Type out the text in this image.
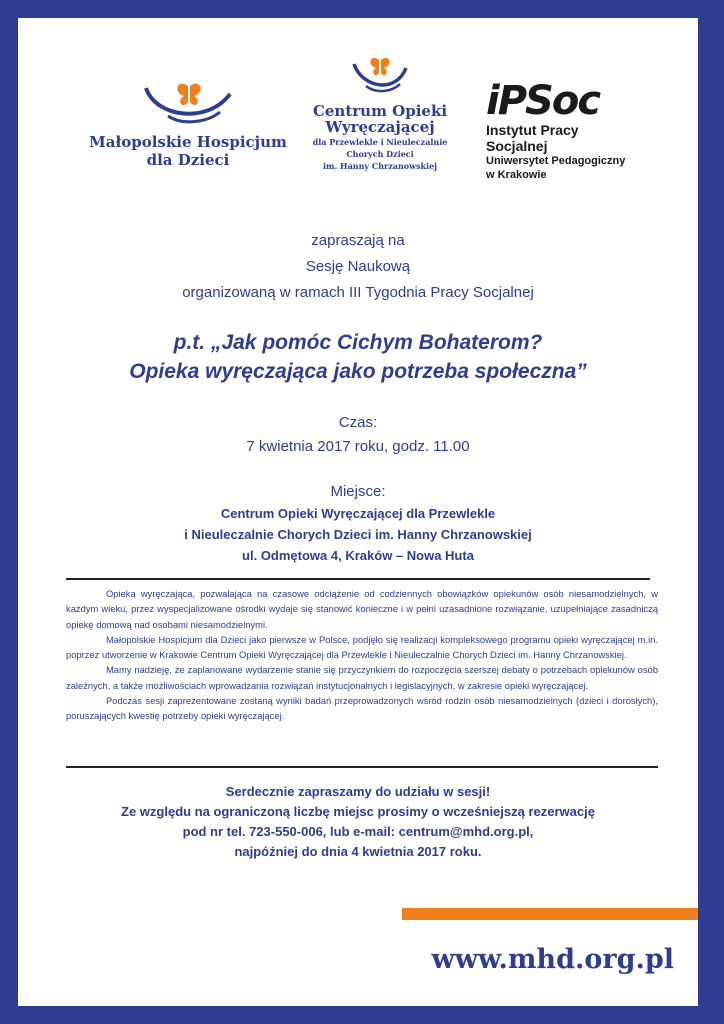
Małopolskie Hospicjum
dla Dzieci
Centrum Opieki
Wyręczającej
dla Przewlekle i Nieuleczalnie
Chorych Dzieci
im. Hanny Chrzanowskiej
iPSoc
Instytut Pracy Socjalnej
Uniwersytet Pedagogiczny
w Krakowie
zapraszają na
Sesję Naukową
organizowaną w ramach III Tygodnia Pracy Socjalnej
p.t. „Jak pomóc Cichym Bohaterom?
Opieka wyręczająca jako potrzeba społeczna”
Czas:
7 kwietnia 2017 roku, godz. 11.00
Miejsce:
Centrum Opieki Wyręczającej dla Przewlekle
i Nieuleczalnie Chorych Dzieci im. Hanny Chrzanowskiej
ul. Odmętowa 4, Kraków – Nowa Huta

Opieka wyręczająca, pozwalająca na czasowe odciążenie od codziennych obowiązków opiekunów osób niesamodzielnych, w każdym wieku, przez wyspecjalizowane ośrodki wydaje się stanowić konieczne i w pełni uzasadnione rozwiązanie, uzupełniające zasadniczą opiekę domową nad osobami niesamodzielnymi.

Małopolskie Hospicjum dla Dzieci jako pierwsze w Polsce, podjęło się realizacji kompleksowego programu opieki wyręczającej m.in. poprzez utworzenie w Krakowie Centrum Opieki Wyręczającej dla Przewlekle i Nieuleczalnie Chorych Dzieci im. Hanny Chrzanowskiej.

Mamy nadzieję, że zaplanowane wydarzenie stanie się przyczynkiem do rozpoczęcia szerszej debaty o potrzebach opiekunów osób zależnych, a także możliwościach wprowadzania rozwiązań instytucjonalnych i legislacyjnych, w zakresie opieki wyręczającej.

Podczas sesji zaprezentowane zostaną wyniki badań przeprowadzonych wśród rodzin osób niesamodzielnych (dzieci i dorosłych), poruszających kwestię potrzeby opieki wyręczającej.

Serdecznie zapraszamy do udziału w sesji!
Ze względu na ograniczoną liczbę miejsc prosimy o wcześniejszą rezerwację
pod nr tel. 723-550-006, lub e-mail: centrum@mhd.org.pl,
najpóźniej do dnia 4 kwietnia 2017 roku.
www.mhd.org.pl
